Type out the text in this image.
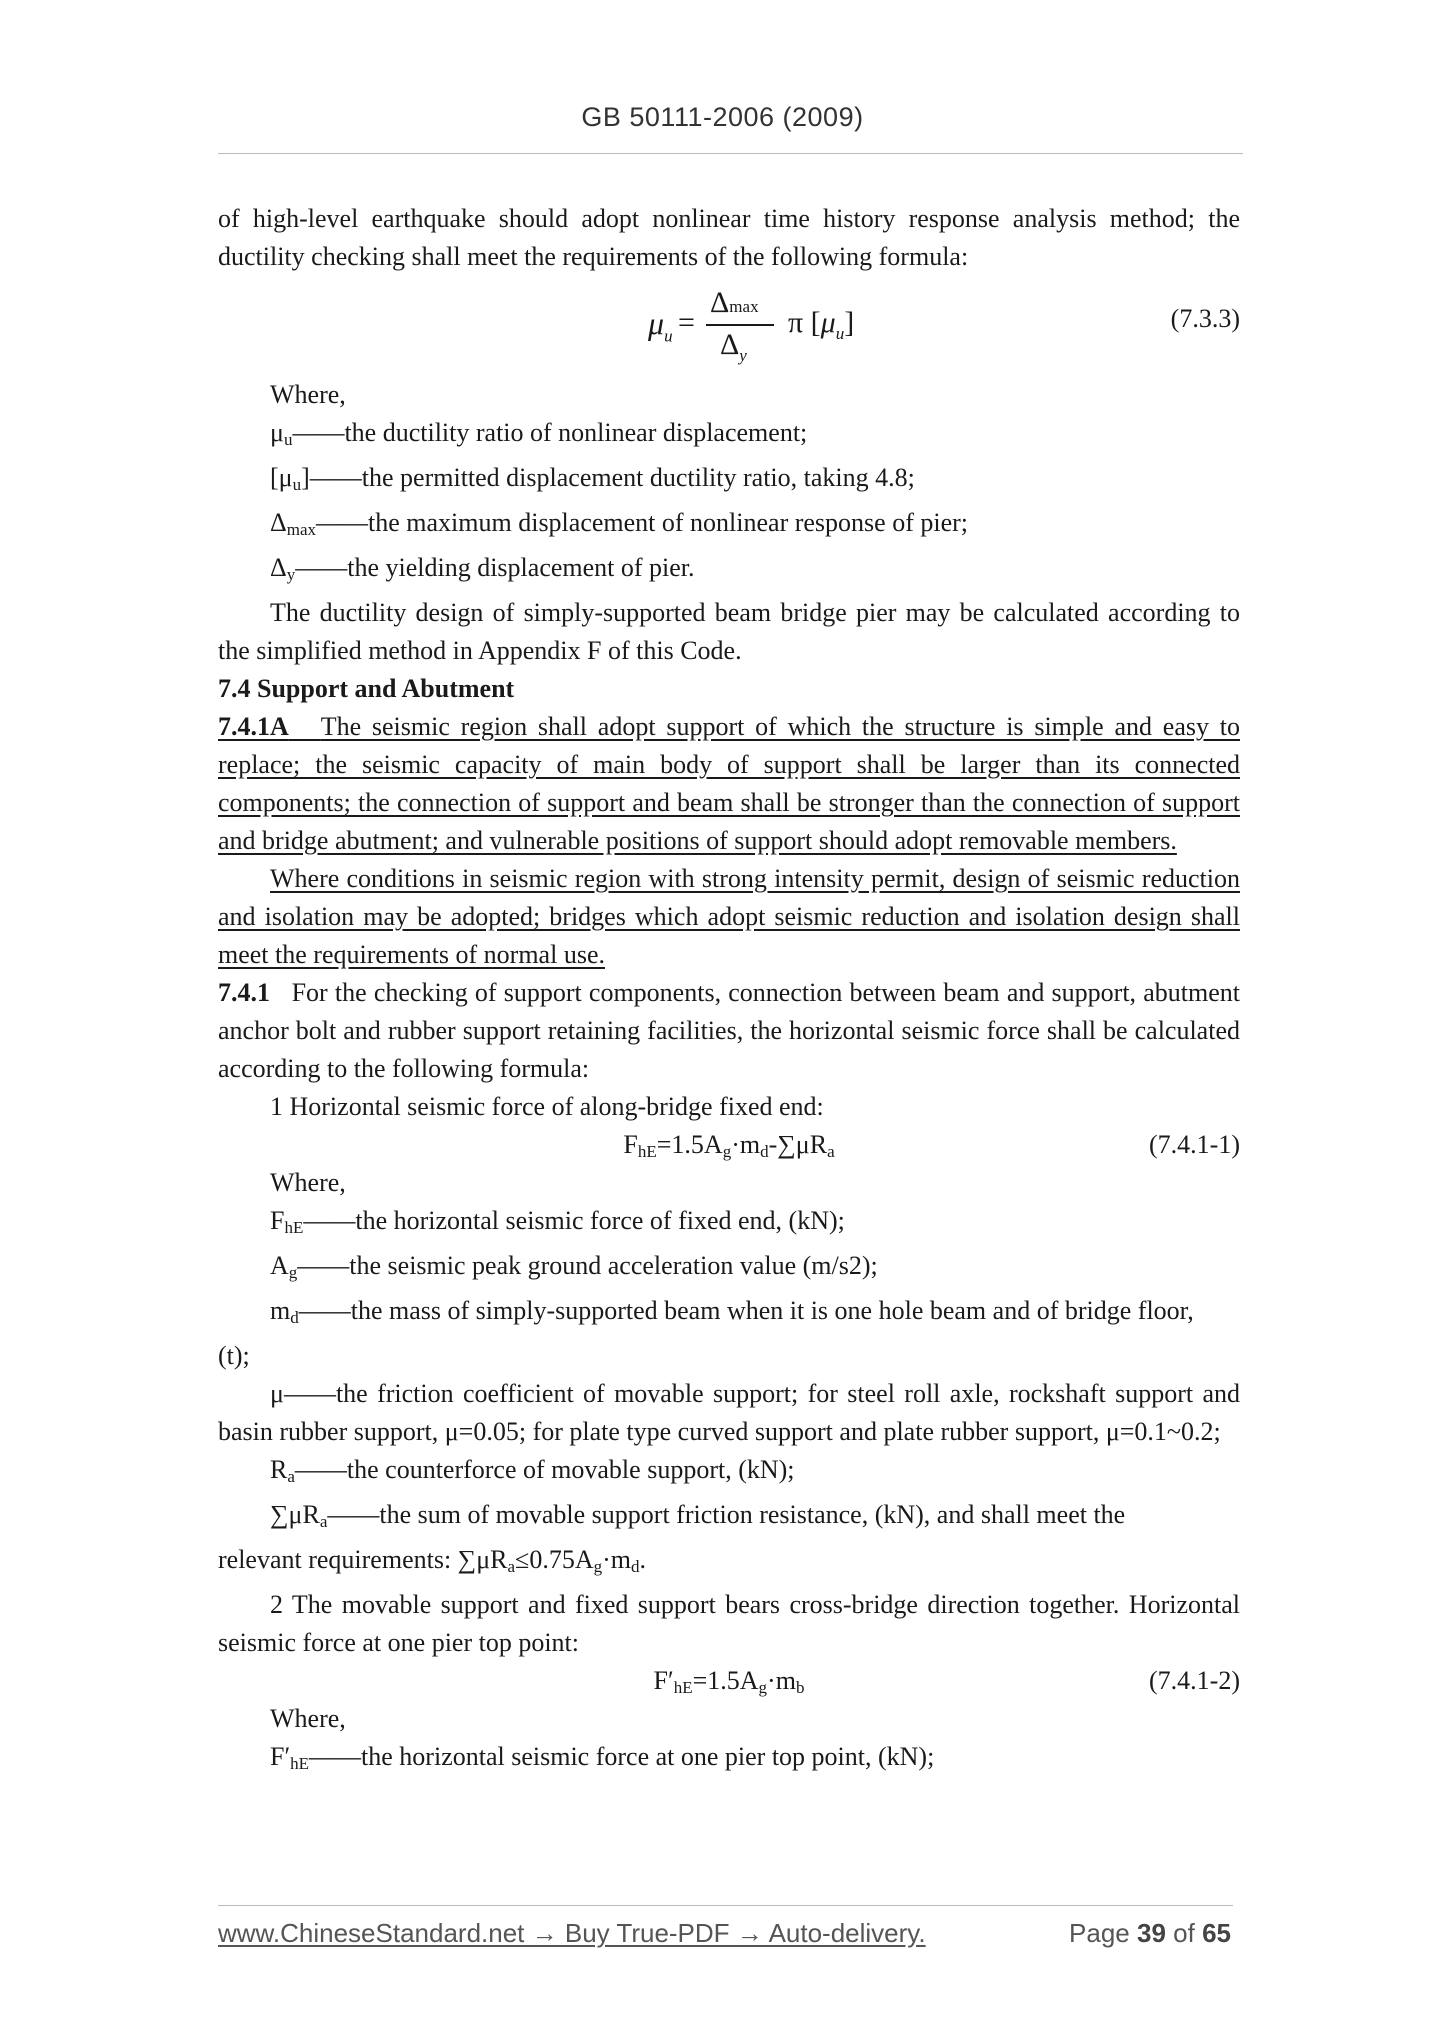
GB 50111-2006 (2009)

of high-level earthquake should adopt nonlinear time history response analysis method; the ductility checking shall meet the requirements of the following formula:

$\mu_u$ =
Δmax
$\Delta_y$
π $[\mu_u]$	(7.3.3)

Where,

μu——the ductility ratio of nonlinear displacement;

[μu]——the permitted displacement ductility ratio, taking 4.8;

Δmax——the maximum displacement of nonlinear response of pier;

Δy——the yielding displacement of pier.

The ductility design of simply-supported beam bridge pier may be calculated according to the simplified method in Appendix F of this Code.

7.4 Support and Abutment

7.4.1A The seismic region shall adopt support of which the structure is simple and easy to replace; the seismic capacity of main body of support shall be larger than its connected components; the connection of support and beam shall be stronger than the connection of support and bridge abutment; and vulnerable positions of support should adopt removable members.

Where conditions in seismic region with strong intensity permit, design of seismic reduction and isolation may be adopted; bridges which adopt seismic reduction and isolation design shall meet the requirements of normal use.

7.4.1 For the checking of support components, connection between beam and support, abutment anchor bolt and rubber support retaining facilities, the horizontal seismic force shall be calculated according to the following formula:

1 Horizontal seismic force of along-bridge fixed end:

FhE=1.5Ag·md-∑μRa	(7.4.1-1)

Where,

FhE——the horizontal seismic force of fixed end, (kN);

Ag——the seismic peak ground acceleration value (m/s2);

md——the mass of simply-supported beam when it is one hole beam and of bridge floor,

(t);

μ——the friction coefficient of movable support; for steel roll axle, rockshaft support and basin rubber support, μ=0.05; for plate type curved support and plate rubber support, μ=0.1~0.2;

Ra——the counterforce of movable support, (kN);

∑μRa——the sum of movable support friction resistance, (kN), and shall meet the

relevant requirements: ∑μRa≤0.75Ag·md.

2 The movable support and fixed support bears cross-bridge direction together. Horizontal seismic force at one pier top point:

F′hE=1.5Ag·mb	(7.4.1-2)

Where,

F′hE——the horizontal seismic force at one pier top point, (kN);

www.ChineseStandard.net → Buy True-PDF → Auto-delivery.	Page 39 of 65
